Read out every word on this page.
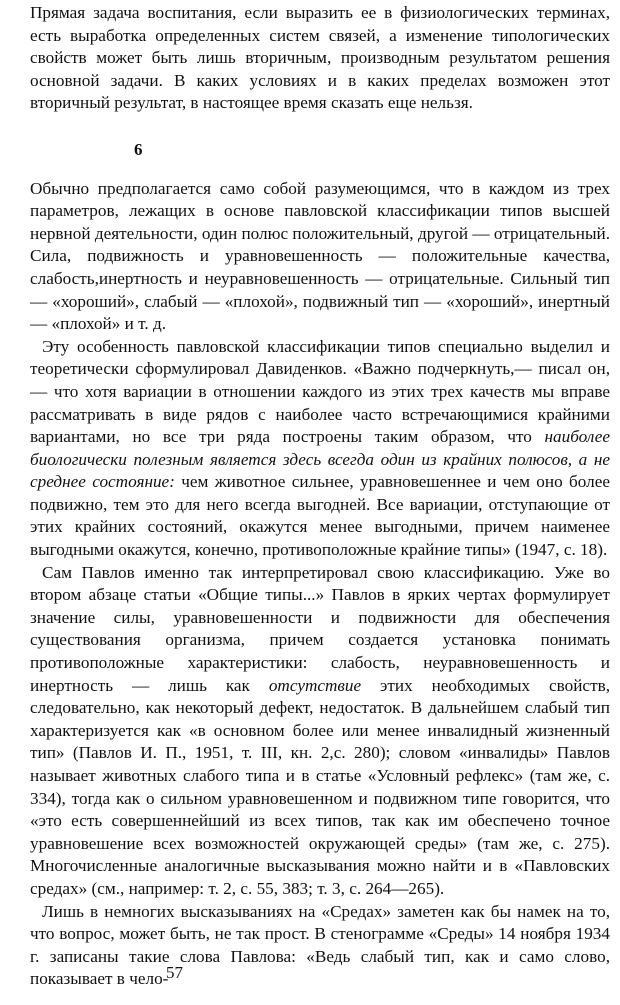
Прямая задача воспитания, если выразить ее в физиологических терминах, есть выработка определенных систем связей, а изменение типологических свойств может быть лишь вторичным, производным результатом решения основной задачи. В каких условиях и в каких пределах возможен этот вторичный результат, в настоящее время сказать еще нельзя.

6

Обычно предполагается само собой разумеющимся, что в каждом из трех параметров, лежащих в основе павловской классификации типов высшей нервной деятельности, один полюс положительный, другой — отрицательный. Сила, подвижность и уравновешенность — положительные качества, слабость,инертность и неуравновешенность — отрицательные. Сильный тип — «хороший», слабый — «плохой», подвижный тип — «хороший», инертный — «плохой» и т. д.

Эту особенность павловской классификации типов специально выделил и теоретически сформулировал Давиденков. «Важно подчеркнуть,— писал он,— что хотя вариации в отношении каждого из этих трех качеств мы вправе рассматривать в виде рядов с наиболее часто встречающимися крайними вариантами, но все три ряда построены таким образом, что наиболее биологически полезным является здесь всегда один из крайних полюсов, а не среднее состояние: чем животное сильнее, уравновешеннее и чем оно более подвижно, тем это для него всегда выгодней. Все вариации, отступающие от этих крайних состояний, окажутся менее выгодными, причем наименее выгодными окажутся, конечно, противоположные крайние типы» (1947, с. 18).

Сам Павлов именно так интерпретировал свою классификацию. Уже во втором абзаце статьи «Общие типы...» Павлов в ярких чертах формулирует значение силы, уравновешенности и подвижности для обеспечения существования организма, причем создается установка понимать противоположные характеристики: слабость, неуравновешенность и инертность — лишь как отсутствие этих необходимых свойств, следовательно, как некоторый дефект, недостаток. В дальнейшем слабый тип характеризуется как «в основном более или менее инвалидный жизненный тип» (Павлов И. П., 1951, т. III, кн. 2,с. 280); словом «инвалиды» Павлов называет животных слабого типа и в статье «Условный рефлекс» (там же, с. 334), тогда как о сильном уравновешенном и подвижном типе говорится, что «это есть совершеннейший из всех типов, так как им обеспечено точное уравновешение всех возможностей окружающей среды» (там же, с. 275). Многочисленные аналогичные высказывания можно найти и в «Павловских средах» (см., например: т. 2, с. 55, 383; т. 3, с. 264—265).

Лишь в немногих высказываниях на «Средах» заметен как бы намек на то, что вопрос, может быть, не так прост. В стенограмме «Среды» 14 ноября 1934 г. записаны такие слова Павлова: «Ведь слабый тип, как и само слово, показывает в чело-

57
